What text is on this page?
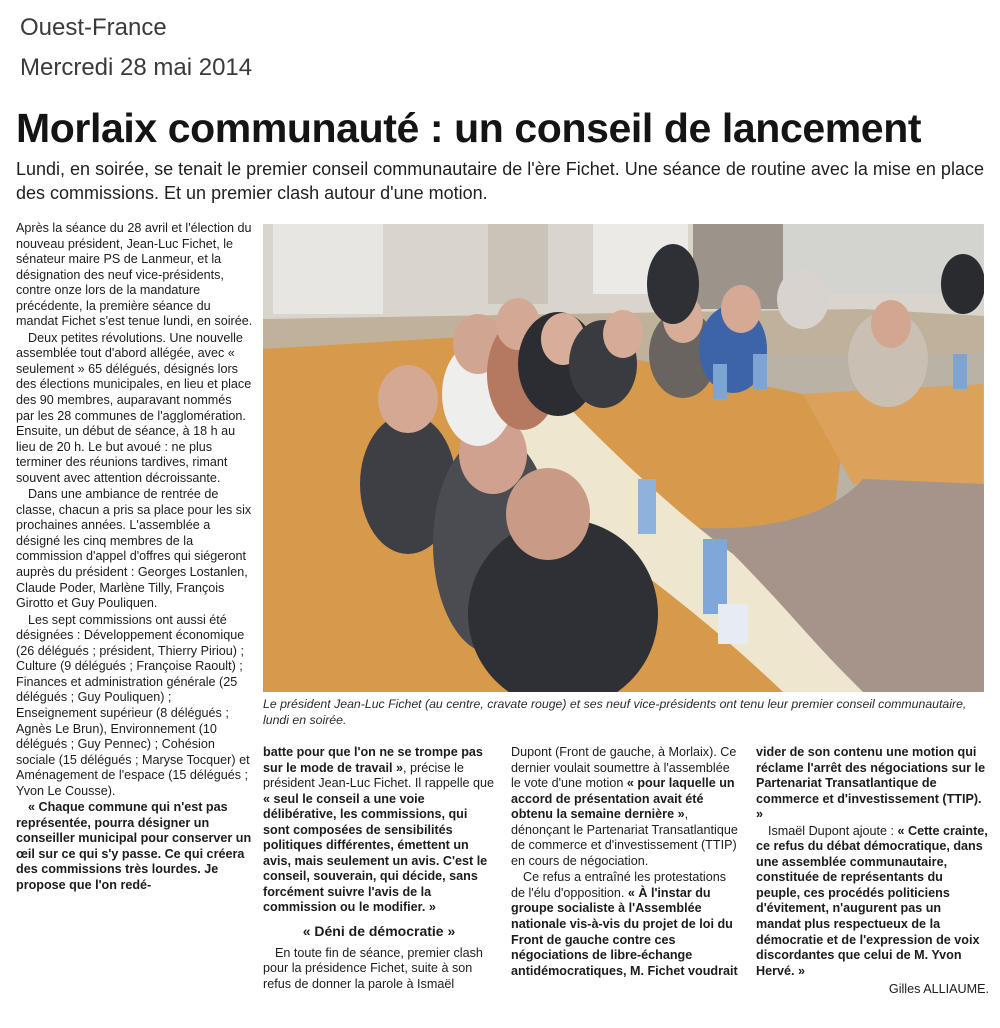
Ouest-France
Mercredi 28 mai 2014
Morlaix communauté : un conseil de lancement

Lundi, en soirée, se tenait le premier conseil communautaire de l'ère Fichet. Une séance de routine avec la mise en place des commissions. Et un premier clash autour d'une motion.

Après la séance du 28 avril et l'élection du nouveau président, Jean-Luc Fichet, le sénateur maire PS de Lanmeur, et la désignation des neuf vice-présidents, contre onze lors de la mandature précédente, la première séance du mandat Fichet s'est tenue lundi, en soirée.

Deux petites révolutions. Une nouvelle assemblée tout d'abord allégée, avec « seulement » 65 délégués, désignés lors des élections municipales, en lieu et place des 90 membres, auparavant nommés par les 28 communes de l'agglomération. Ensuite, un début de séance, à 18 h au lieu de 20 h. Le but avoué : ne plus terminer des réunions tardives, rimant souvent avec attention décroissante.

Dans une ambiance de rentrée de classe, chacun a pris sa place pour les six prochaines années. L'assemblée a désigné les cinq membres de la commission d'appel d'offres qui siégeront auprès du président : Georges Lostanlen, Claude Poder, Marlène Tilly, François Girotto et Guy Pouliquen.

Les sept commissions ont aussi été désignées : Développement économique (26 délégués ; président, Thierry Piriou) ; Culture (9 délégués ; Françoise Raoult) ; Finances et administration générale (25 délégués ; Guy Pouliquen) ; Enseignement supérieur (8 délégués ; Agnès Le Brun), Environnement (10 délégués ; Guy Pennec) ; Cohésion sociale (15 délégués ; Maryse Tocquer) et Aménagement de l'espace (15 délégués ; Yvon Le Cousse).

« Chaque commune qui n'est pas représentée, pourra désigner un conseiller municipal pour conserver un œil sur ce qui s'y passe. Ce qui créera des commissions très lourdes. Je propose que l'on redé-

Le président Jean-Luc Fichet (au centre, cravate rouge) et ses neuf vice-présidents ont tenu leur premier conseil communautaire, lundi en soirée.

batte pour que l'on ne se trompe pas sur le mode de travail », précise le président Jean-Luc Fichet. Il rappelle que « seul le conseil a une voie délibérative, les commissions, qui sont composées de sensibilités politiques différentes, émettent un avis, mais seulement un avis. C'est le conseil, souverain, qui décide, sans forcément suivre l'avis de la commission ou le modifier. »

« Déni de démocratie »

En toute fin de séance, premier clash pour la présidence Fichet, suite à son refus de donner la parole à Ismaël

Dupont (Front de gauche, à Morlaix). Ce dernier voulait soumettre à l'assemblée le vote d'une motion « pour laquelle un accord de présentation avait été obtenu la semaine dernière », dénonçant le Partenariat Transatlantique de commerce et d'investissement (TTIP) en cours de négociation.

Ce refus a entraîné les protestations de l'élu d'opposition. « À l'instar du groupe socialiste à l'Assemblée nationale vis-à-vis du projet de loi du Front de gauche contre ces négociations de libre-échange antidémocratiques, M. Fichet voudrait

vider de son contenu une motion qui réclame l'arrêt des négociations sur le Partenariat Transatlantique de commerce et d'investissement (TTIP). »

Ismaël Dupont ajoute : « Cette crainte, ce refus du débat démocratique, dans une assemblée communautaire, constituée de représentants du peuple, ces procédés politiciens d'évitement, n'augurent pas un mandat plus respectueux de la démocratie et de l'expression de voix discordantes que celui de M. Yvon Hervé. »

Gilles ALLIAUME.
